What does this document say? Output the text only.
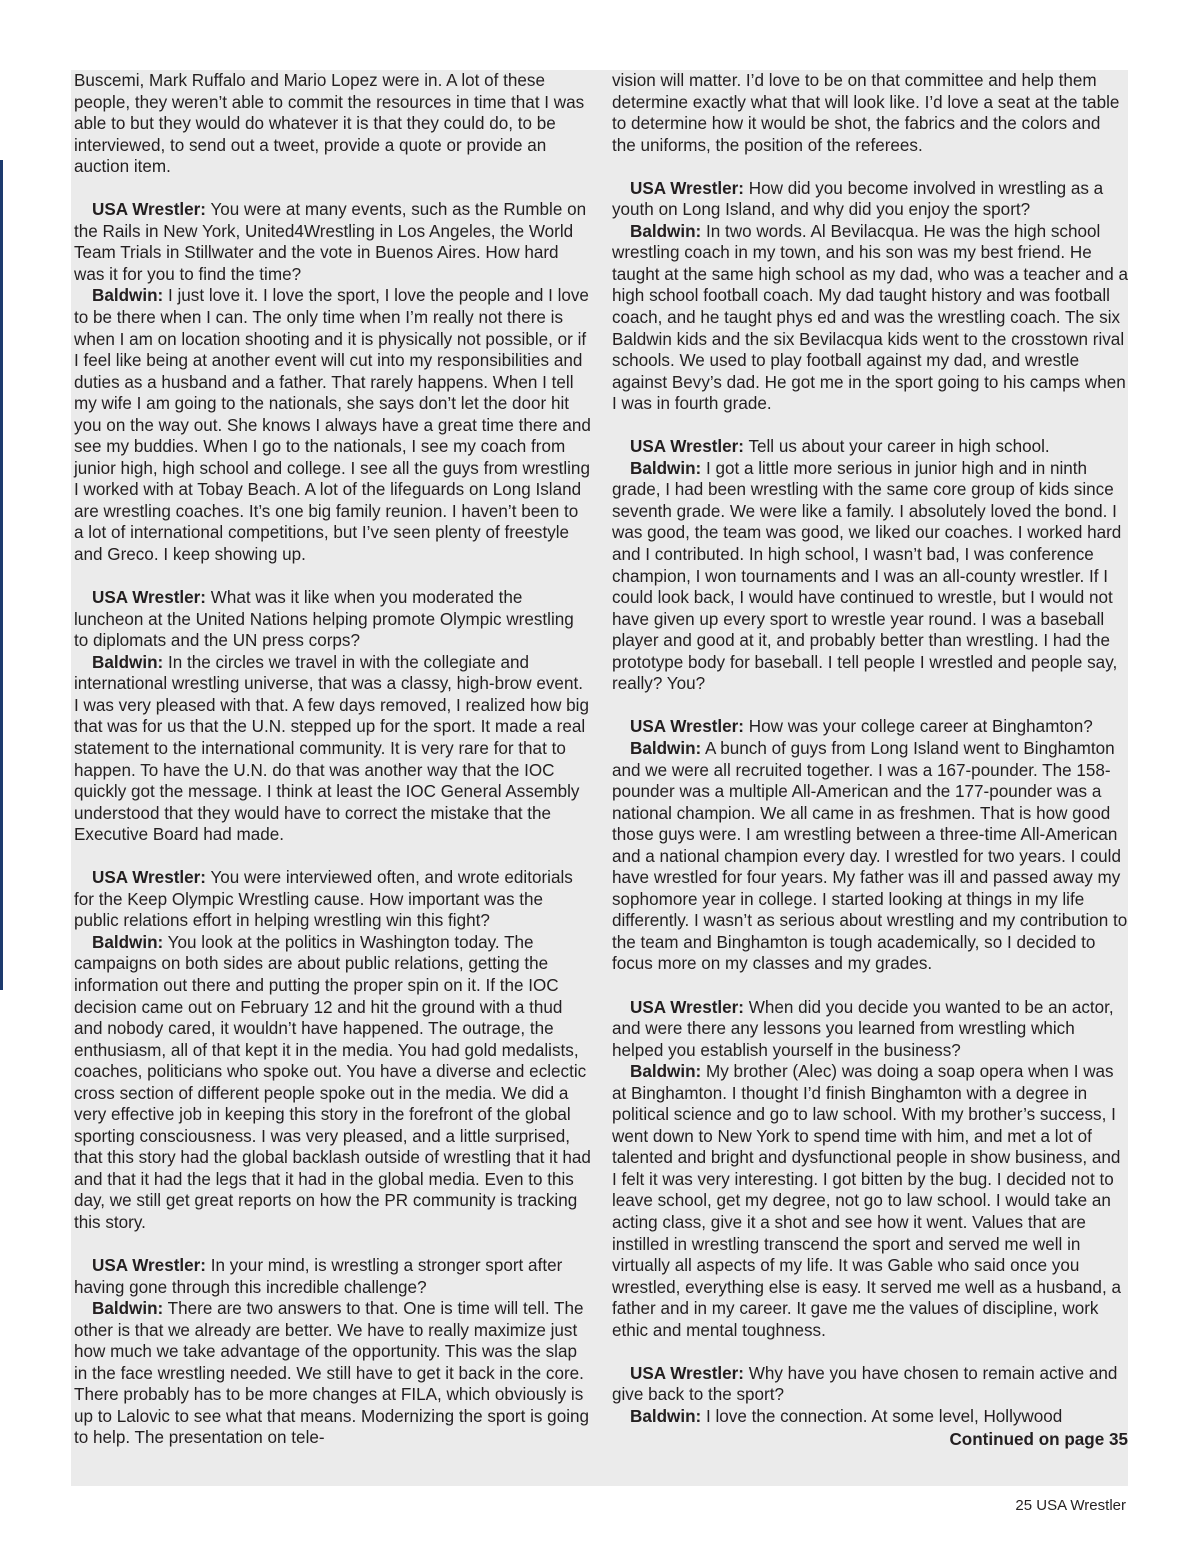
Buscemi, Mark Ruffalo and Mario Lopez were in. A lot of these people, they weren’t able to commit the resources in time that I was able to but they would do whatever it is that they could do, to be interviewed, to send out a tweet, provide a quote or provide an auction item.

USA Wrestler: You were at many events, such as the Rumble on the Rails in New York, United4Wrestling in Los Angeles, the World Team Trials in Stillwater and the vote in Buenos Aires. How hard was it for you to find the time?

Baldwin: I just love it. I love the sport, I love the people and I love to be there when I can. The only time when I’m really not there is when I am on location shooting and it is physically not possible, or if I feel like being at another event will cut into my responsibilities and duties as a husband and a father. That rarely happens. When I tell my wife I am going to the nationals, she says don’t let the door hit you on the way out. She knows I always have a great time there and see my buddies. When I go to the nationals, I see my coach from junior high, high school and college. I see all the guys from wrestling I worked with at Tobay Beach. A lot of the lifeguards on Long Island are wrestling coaches. It’s one big family reunion. I haven’t been to a lot of international competitions, but I’ve seen plenty of freestyle and Greco. I keep showing up.

USA Wrestler: What was it like when you moderated the luncheon at the United Nations helping promote Olympic wrestling to diplomats and the UN press corps?

Baldwin: In the circles we travel in with the collegiate and international wrestling universe, that was a classy, high-brow event. I was very pleased with that. A few days removed, I realized how big that was for us that the U.N. stepped up for the sport. It made a real statement to the international community. It is very rare for that to happen. To have the U.N. do that was another way that the IOC quickly got the message. I think at least the IOC General Assembly understood that they would have to correct the mistake that the Executive Board had made.

USA Wrestler: You were interviewed often, and wrote editorials for the Keep Olympic Wrestling cause. How important was the public relations effort in helping wrestling win this fight?

Baldwin: You look at the politics in Washington today. The campaigns on both sides are about public relations, getting the information out there and putting the proper spin on it. If the IOC decision came out on February 12 and hit the ground with a thud and nobody cared, it wouldn’t have happened. The outrage, the enthusiasm, all of that kept it in the media. You had gold medalists, coaches, politicians who spoke out. You have a diverse and eclectic cross section of different people spoke out in the media. We did a very effective job in keeping this story in the forefront of the global sporting consciousness. I was very pleased, and a little surprised, that this story had the global backlash outside of wrestling that it had and that it had the legs that it had in the global media. Even to this day, we still get great reports on how the PR community is tracking this story.

USA Wrestler: In your mind, is wrestling a stronger sport after having gone through this incredible challenge?

Baldwin: There are two answers to that. One is time will tell. The other is that we already are better. We have to really maximize just how much we take advantage of the opportunity. This was the slap in the face wrestling needed. We still have to get it back in the core. There probably has to be more changes at FILA, which obviously is up to Lalovic to see what that means. Modernizing the sport is going to help. The presentation on tele-

vision will matter. I’d love to be on that committee and help them determine exactly what that will look like. I’d love a seat at the table to determine how it would be shot, the fabrics and the colors and the uniforms, the position of the referees.

USA Wrestler: How did you become involved in wrestling as a youth on Long Island, and why did you enjoy the sport?

Baldwin: In two words. Al Bevilacqua. He was the high school wrestling coach in my town, and his son was my best friend. He taught at the same high school as my dad, who was a teacher and a high school football coach. My dad taught history and was football coach, and he taught phys ed and was the wrestling coach. The six Baldwin kids and the six Bevilacqua kids went to the crosstown rival schools. We used to play football against my dad, and wrestle against Bevy’s dad. He got me in the sport going to his camps when I was in fourth grade.

USA Wrestler: Tell us about your career in high school.

Baldwin: I got a little more serious in junior high and in ninth grade, I had been wrestling with the same core group of kids since seventh grade. We were like a family. I absolutely loved the bond. I was good, the team was good, we liked our coaches. I worked hard and I contributed. In high school, I wasn’t bad, I was conference champion, I won tournaments and I was an all-county wrestler. If I could look back, I would have continued to wrestle, but I would not have given up every sport to wrestle year round. I was a baseball player and good at it, and probably better than wrestling. I had the prototype body for baseball. I tell people I wrestled and people say, really? You?

USA Wrestler: How was your college career at Binghamton?

Baldwin: A bunch of guys from Long Island went to Binghamton and we were all recruited together. I was a 167-pounder. The 158-pounder was a multiple All-American and the 177-pounder was a national champion. We all came in as freshmen. That is how good those guys were. I am wrestling between a three-time All-American and a national champion every day. I wrestled for two years. I could have wrestled for four years. My father was ill and passed away my sophomore year in college. I started looking at things in my life differently. I wasn’t as serious about wrestling and my contribution to the team and Binghamton is tough academically, so I decided to focus more on my classes and my grades.

USA Wrestler: When did you decide you wanted to be an actor, and were there any lessons you learned from wrestling which helped you establish yourself in the business?

Baldwin: My brother (Alec) was doing a soap opera when I was at Binghamton. I thought I’d finish Binghamton with a degree in political science and go to law school. With my brother’s success, I went down to New York to spend time with him, and met a lot of talented and bright and dysfunctional people in show business, and I felt it was very interesting. I got bitten by the bug. I decided not to leave school, get my degree, not go to law school. I would take an acting class, give it a shot and see how it went. Values that are instilled in wrestling transcend the sport and served me well in virtually all aspects of my life. It was Gable who said once you wrestled, everything else is easy. It served me well as a husband, a father and in my career. It gave me the values of discipline, work ethic and mental toughness.

USA Wrestler: Why have you have chosen to remain active and give back to the sport?

Baldwin: I love the connection. At some level, Hollywood

Continued on page 35
25 USA Wrestler
